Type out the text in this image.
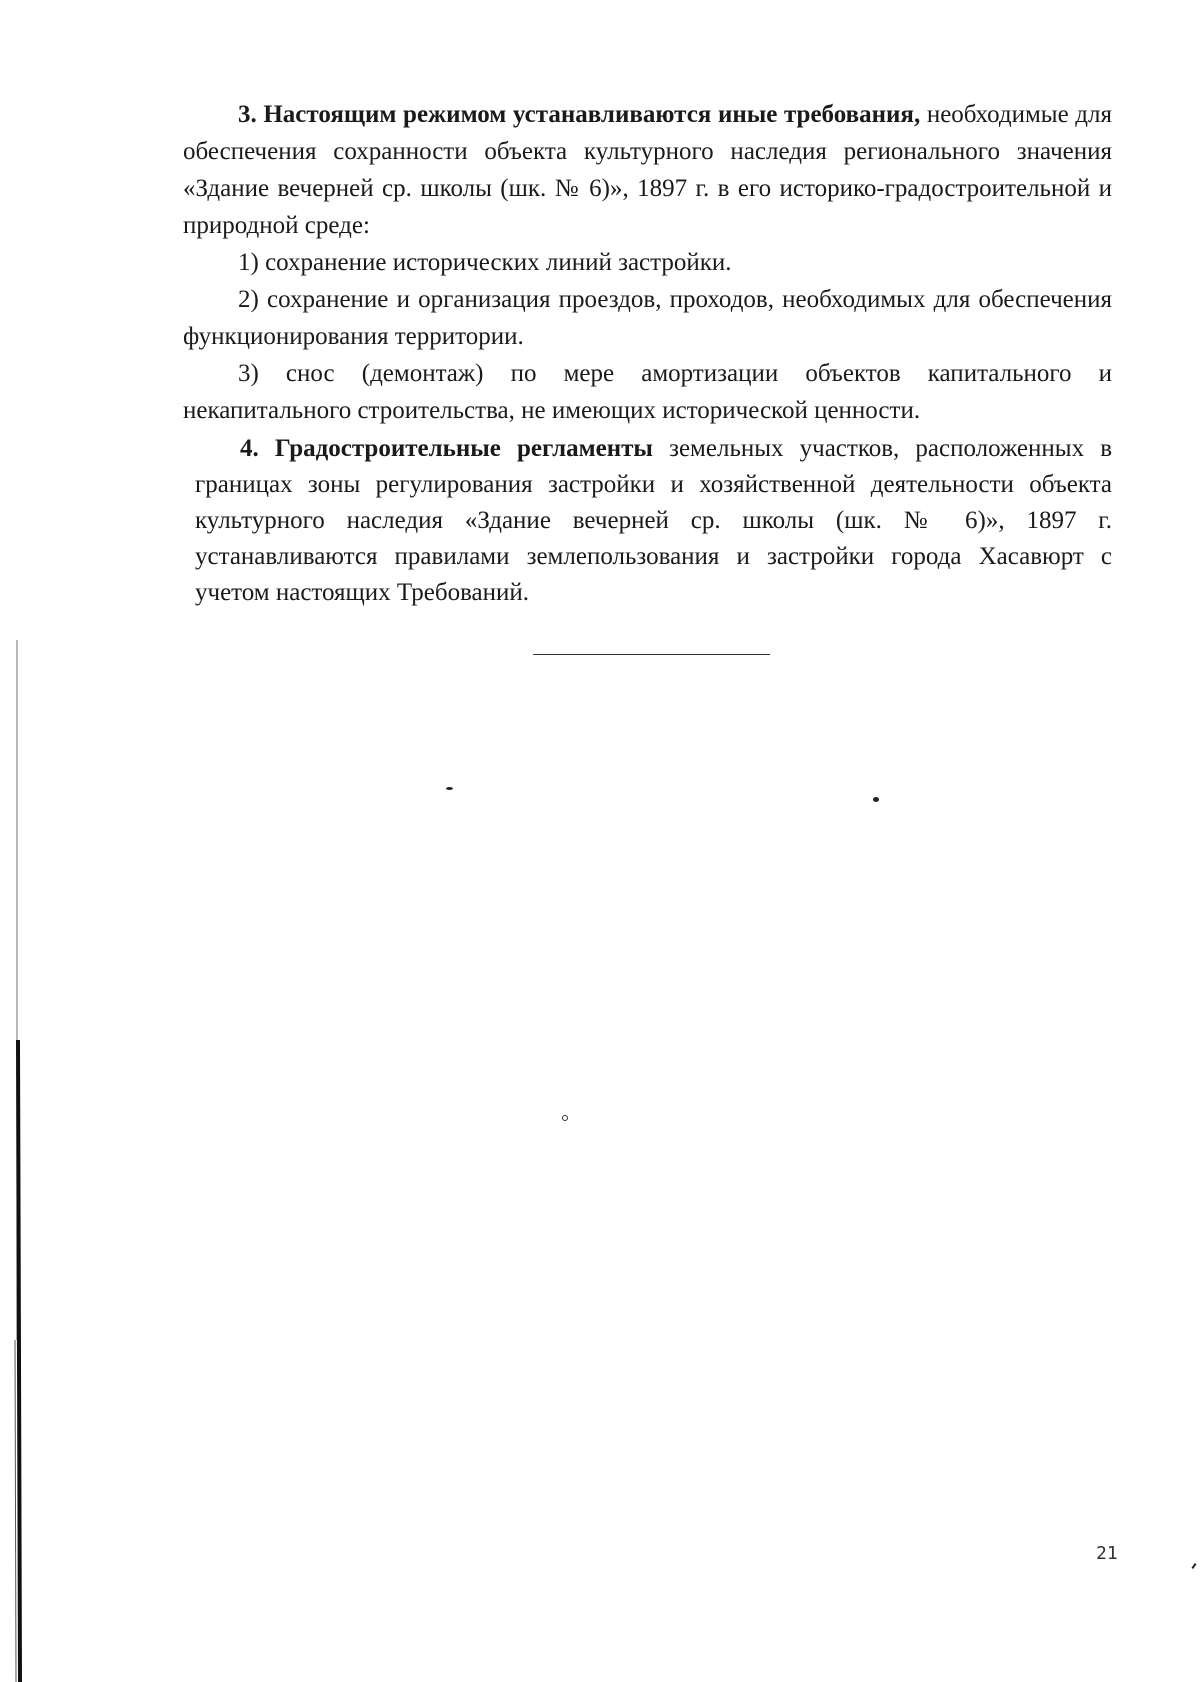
3. Настоящим режимом устанавливаются иные требования, необходимые для обеспечения сохранности объекта культурного наследия регионального значения «Здание вечерней ср. школы (шк. № 6)», 1897 г. в его историко-градостроительной и природной среде:

1) сохранение исторических линий застройки.

2) сохранение и организация проездов, проходов, необходимых для обеспечения функционирования территории.

3) снос (демонтаж) по мере амортизации объектов капитального и некапитального строительства, не имеющих исторической ценности.

4. Градостроительные регламенты земельных участков, расположенных в границах зоны регулирования застройки и хозяйственной деятельности объекта культурного наследия «Здание вечерней ср. школы (шк. № 6)», 1897 г. устанавливаются правилами землепользования и застройки города Хасавюрт с учетом настоящих Требований.

21
